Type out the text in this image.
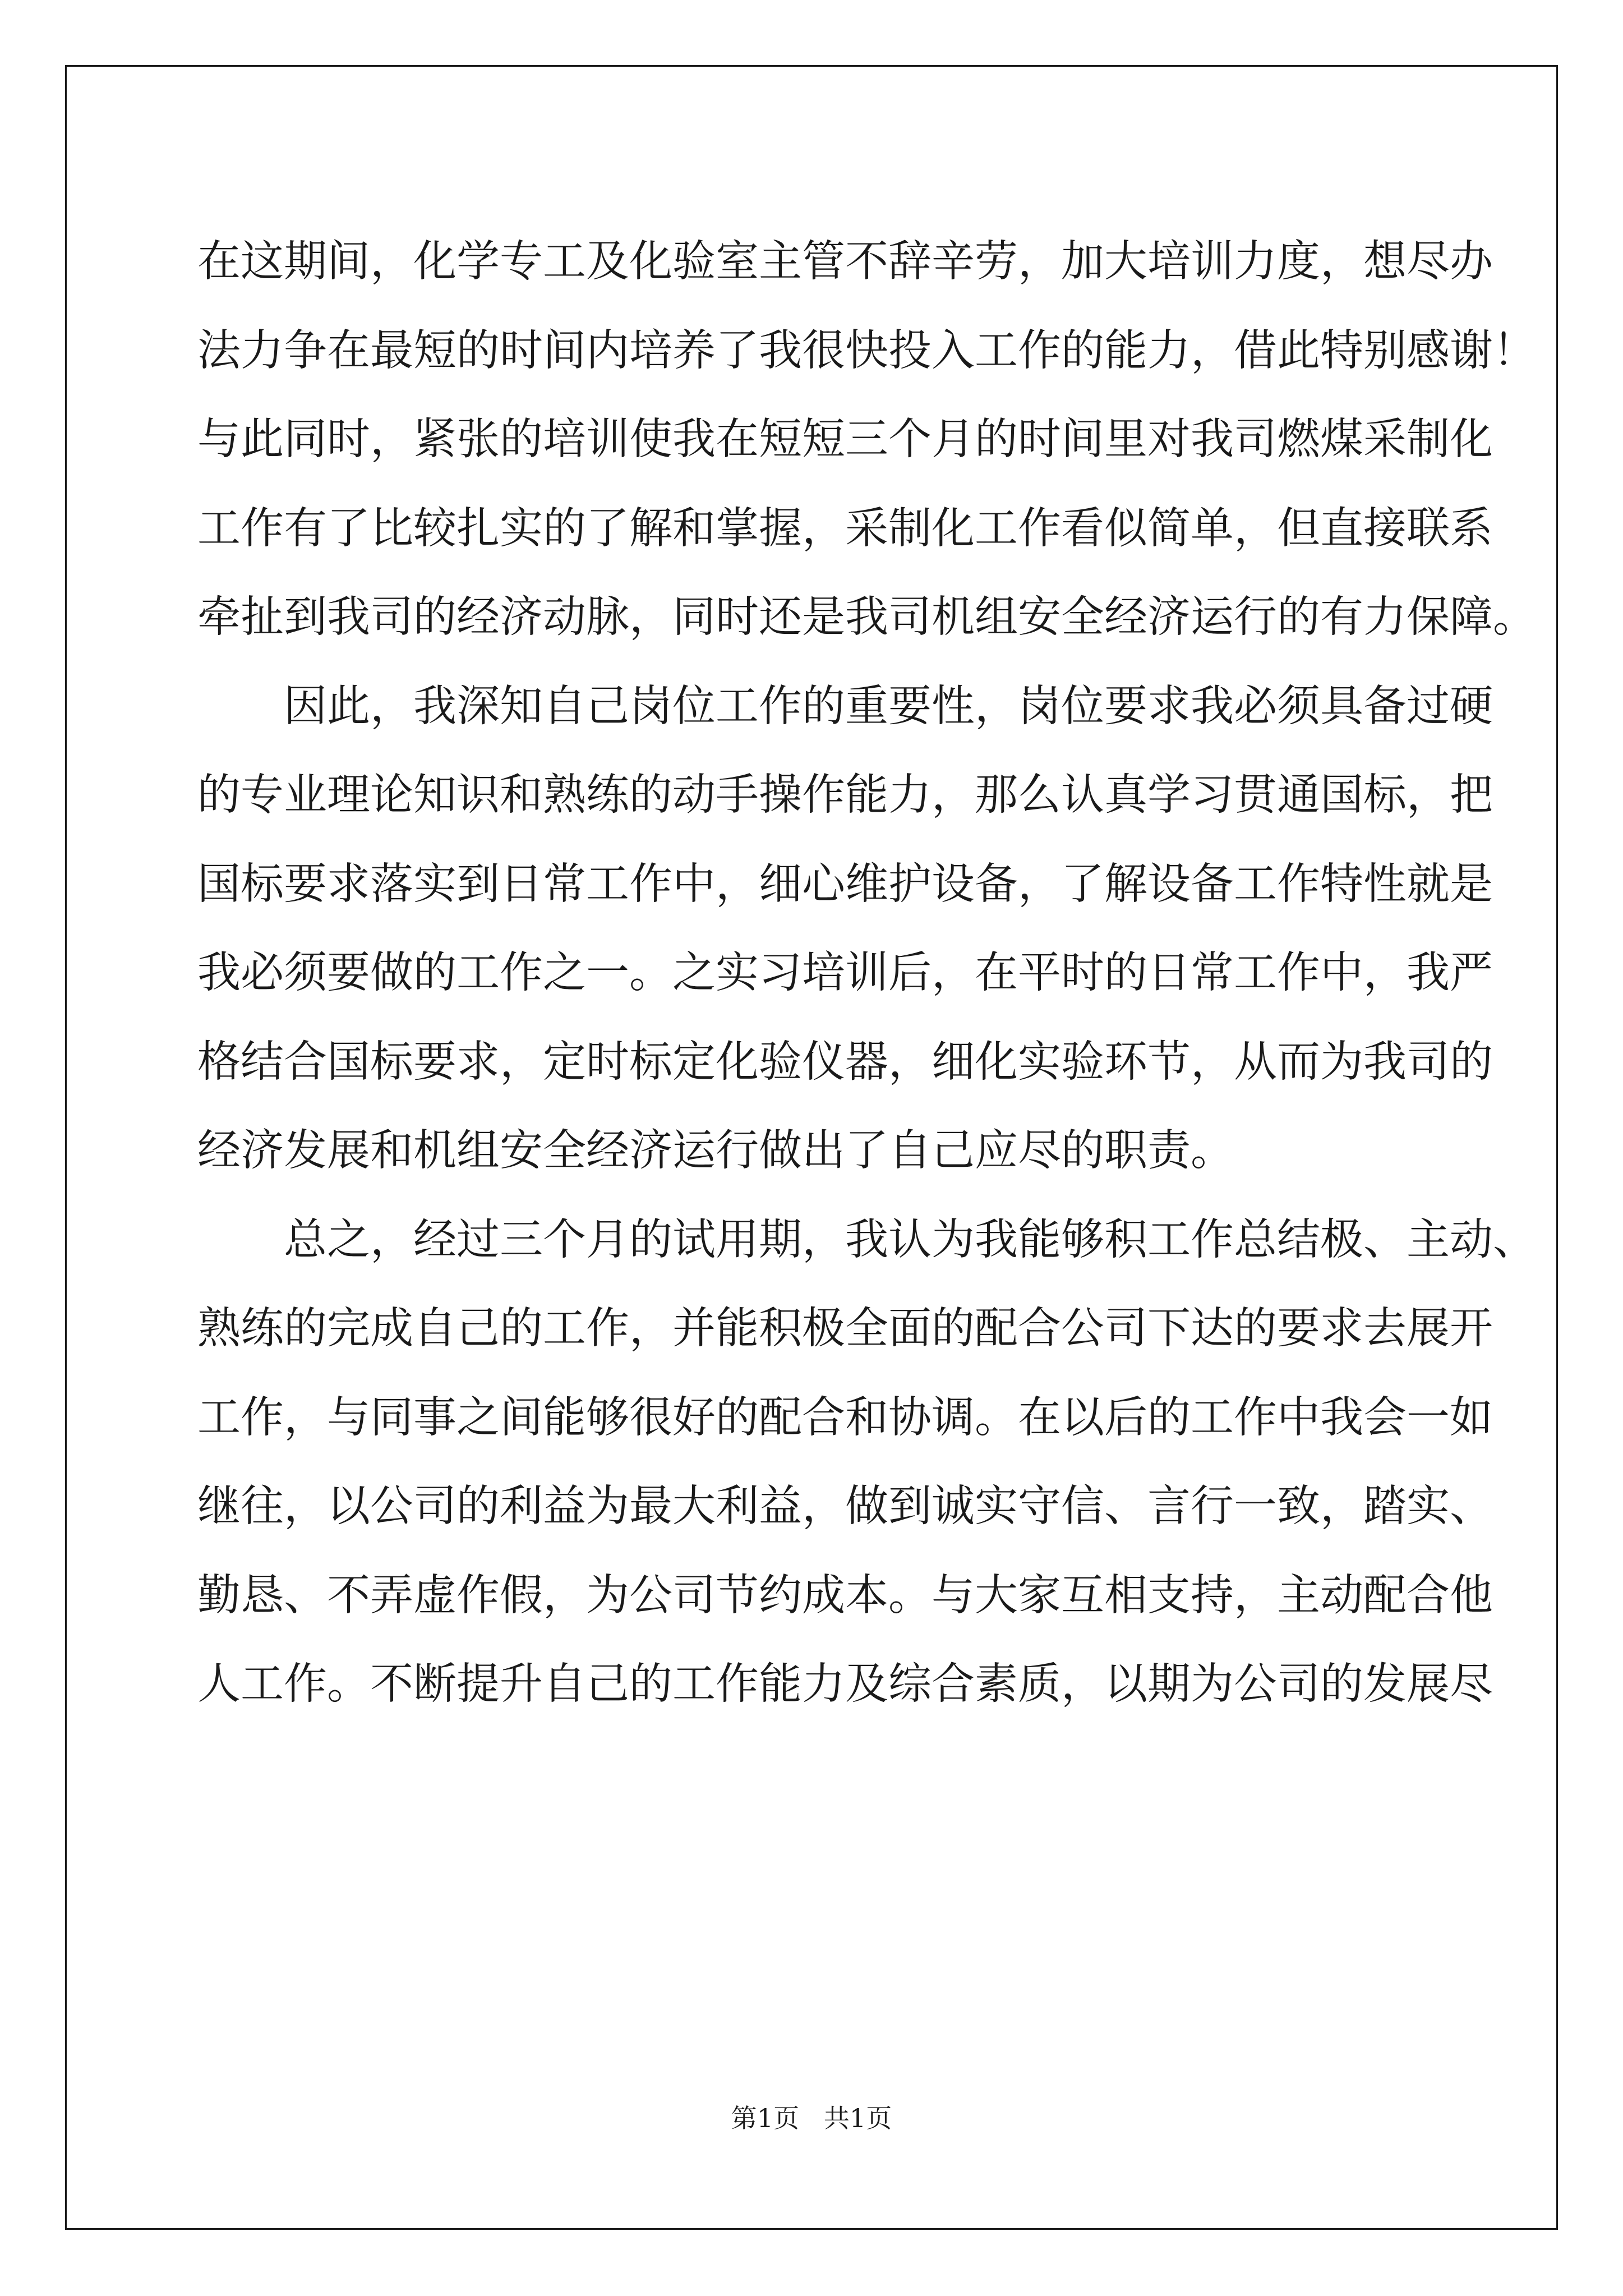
在这期间，化学专工及化验室主管不辞辛劳，加大培训力度，想尽办
法力争在最短的时间内培养了我很快投入工作的能力，借此特别感谢！
与此同时，紧张的培训使我在短短三个月的时间里对我司燃煤采制化
工作有了比较扎实的了解和掌握，采制化工作看似简单，但直接联系
牵扯到我司的经济动脉，同时还是我司机组安全经济运行的有力保障。
因此，我深知自己岗位工作的重要性，岗位要求我必须具备过硬
的专业理论知识和熟练的动手操作能力，那么认真学习贯通国标，把
国标要求落实到日常工作中，细心维护设备，了解设备工作特性就是
我必须要做的工作之一。之实习培训后，在平时的日常工作中，我严
格结合国标要求，定时标定化验仪器，细化实验环节，从而为我司的
经济发展和机组安全经济运行做出了自己应尽的职责。
总之，经过三个月的试用期，我认为我能够积工作总结极、主动、
熟练的完成自己的工作，并能积极全面的配合公司下达的要求去展开
工作，与同事之间能够很好的配合和协调。在以后的工作中我会一如
继往，以公司的利益为最大利益，做到诚实守信、言行一致，踏实、
勤恳、不弄虚作假，为公司节约成本。与大家互相支持，主动配合他
人工作。不断提升自己的工作能力及综合素质，以期为公司的发展尽
第1页   共1页
